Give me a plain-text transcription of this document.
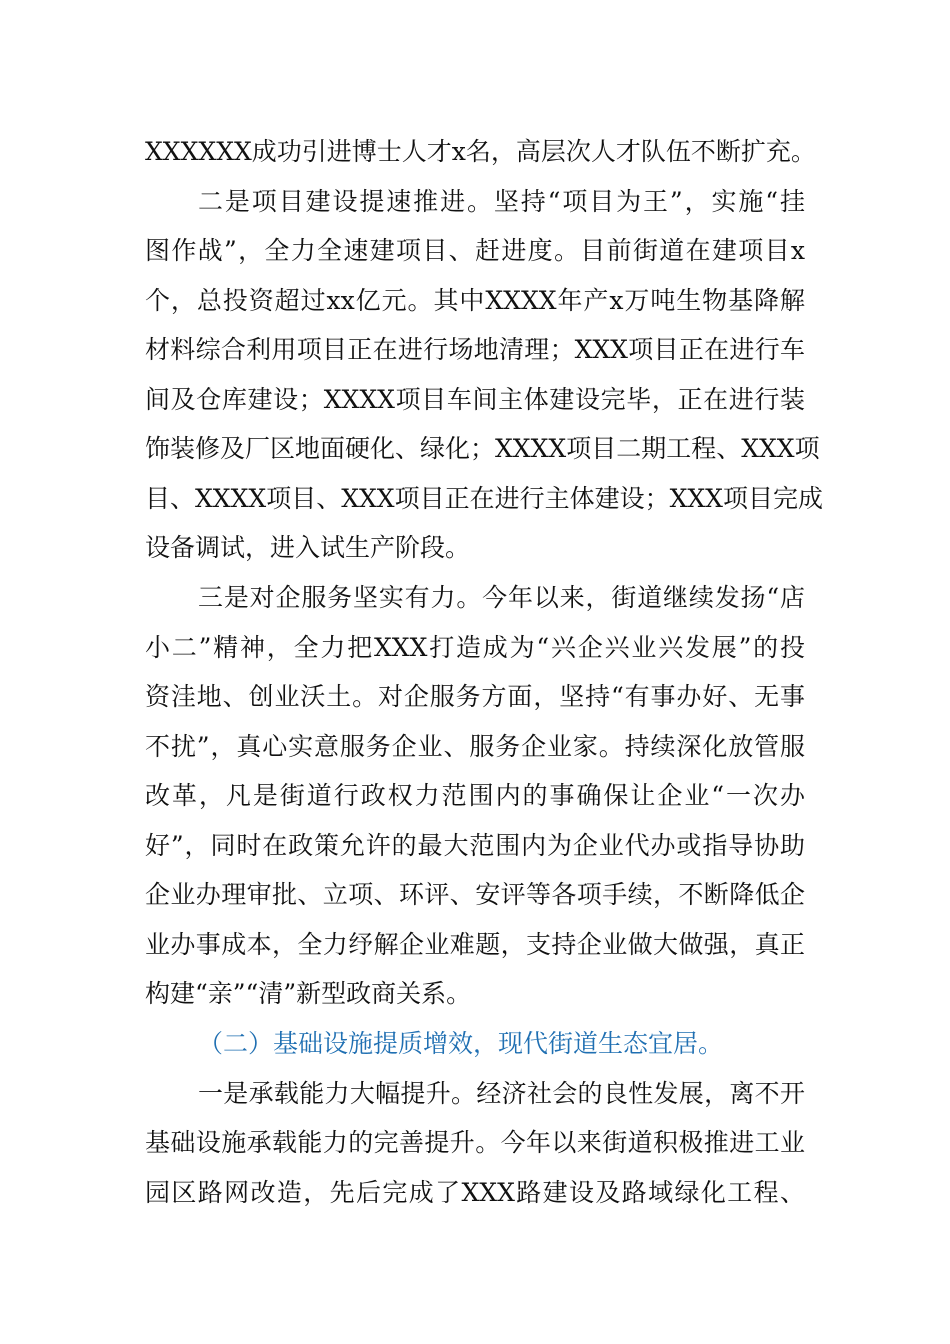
XXXXXX成功引进博士人才x名，高层次人才队伍不断扩充。
二是项目建设提速推进。坚持“项目为王”，实施“挂
图作战”，全力全速建项目、赶进度。目前街道在建项目x
个，总投资超过xx亿元。其中XXXX年产x万吨生物基降解
材料综合利用项目正在进行场地清理；XXX项目正在进行车
间及仓库建设；XXXX项目车间主体建设完毕，正在进行装
饰装修及厂区地面硬化、绿化；XXXX项目二期工程、XXX项
目、XXXX项目、XXX项目正在进行主体建设；XXX项目完成
设备调试，进入试生产阶段。
三是对企服务坚实有力。今年以来，街道继续发扬“店
小二”精神，全力把XXX打造成为“兴企兴业兴发展”的投
资洼地、创业沃土。对企服务方面，坚持“有事办好、无事
不扰”，真心实意服务企业、服务企业家。持续深化放管服
改革，凡是街道行政权力范围内的事确保让企业“一次办
好”，同时在政策允许的最大范围内为企业代办或指导协助
企业办理审批、立项、环评、安评等各项手续，不断降低企
业办事成本，全力纾解企业难题，支持企业做大做强，真正
构建“亲”“清”新型政商关系。
（二）基础设施提质增效，现代街道生态宜居。
一是承载能力大幅提升。经济社会的良性发展，离不开
基础设施承载能力的完善提升。今年以来街道积极推进工业
园区路网改造，先后完成了XXX路建设及路域绿化工程、
